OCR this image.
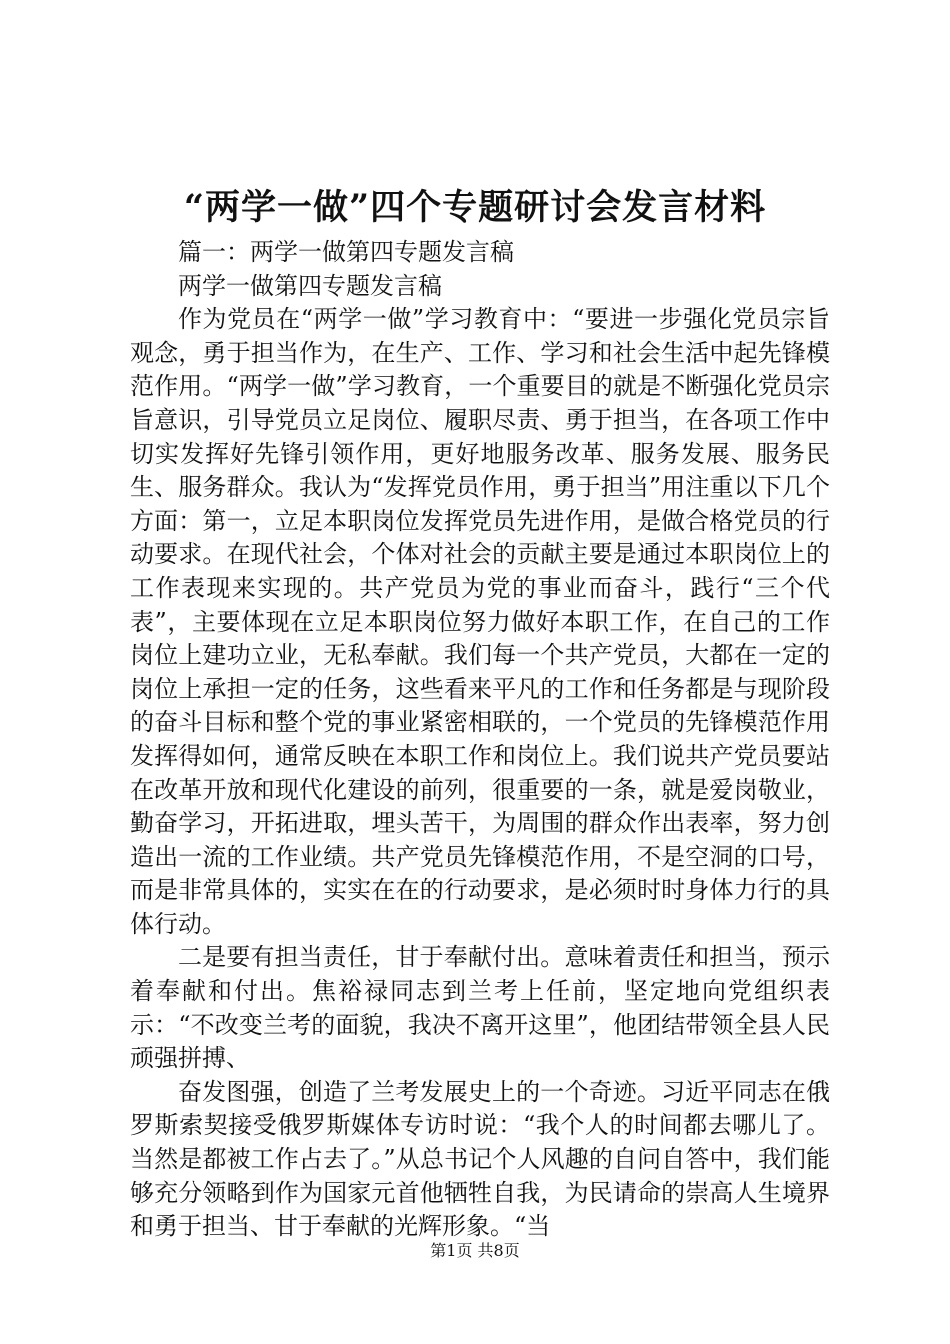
“两学一做”四个专题研讨会发言材料

篇一：两学一做第四专题发言稿

两学一做第四专题发言稿

作为党员在“两学一做”学习教育中：“要进一步强化党员宗旨观念，勇于担当作为，在生产、工作、学习和社会生活中起先锋模范作用。“两学一做”学习教育，一个重要目的就是不断强化党员宗旨意识，引导党员立足岗位、履职尽责、勇于担当，在各项工作中切实发挥好先锋引领作用，更好地服务改革、服务发展、服务民生、服务群众。我认为“发挥党员作用，勇于担当”用注重以下几个方面：第一，立足本职岗位发挥党员先进作用，是做合格党员的行动要求。在现代社会，个体对社会的贡献主要是通过本职岗位上的工作表现来实现的。共产党员为党的事业而奋斗，践行“三个代表”，主要体现在立足本职岗位努力做好本职工作，在自己的工作岗位上建功立业，无私奉献。我们每一个共产党员，大都在一定的岗位上承担一定的任务，这些看来平凡的工作和任务都是与现阶段的奋斗目标和整个党的事业紧密相联的，一个党员的先锋模范作用发挥得如何，通常反映在本职工作和岗位上。我们说共产党员要站在改革开放和现代化建设的前列，很重要的一条，就是爱岗敬业，勤奋学习，开拓进取，埋头苦干，为周围的群众作出表率，努力创造出一流的工作业绩。共产党员先锋模范作用，不是空洞的口号，而是非常具体的，实实在在的行动要求，是必须时时身体力行的具体行动。

二是要有担当责任，甘于奉献付出。意味着责任和担当，预示着奉献和付出。焦裕禄同志到兰考上任前，坚定地向党组织表示：“不改变兰考的面貌，我决不离开这里”，他团结带领全县人民顽强拼搏、

奋发图强，创造了兰考发展史上的一个奇迹。习近平同志在俄罗斯索契接受俄罗斯媒体专访时说：“我个人的时间都去哪儿了。当然是都被工作占去了。”从总书记个人风趣的自问自答中，我们能够充分领略到作为国家元首他牺牲自我，为民请命的崇高人生境界和勇于担当、甘于奉献的光辉形象。“当

第1页 共8页
